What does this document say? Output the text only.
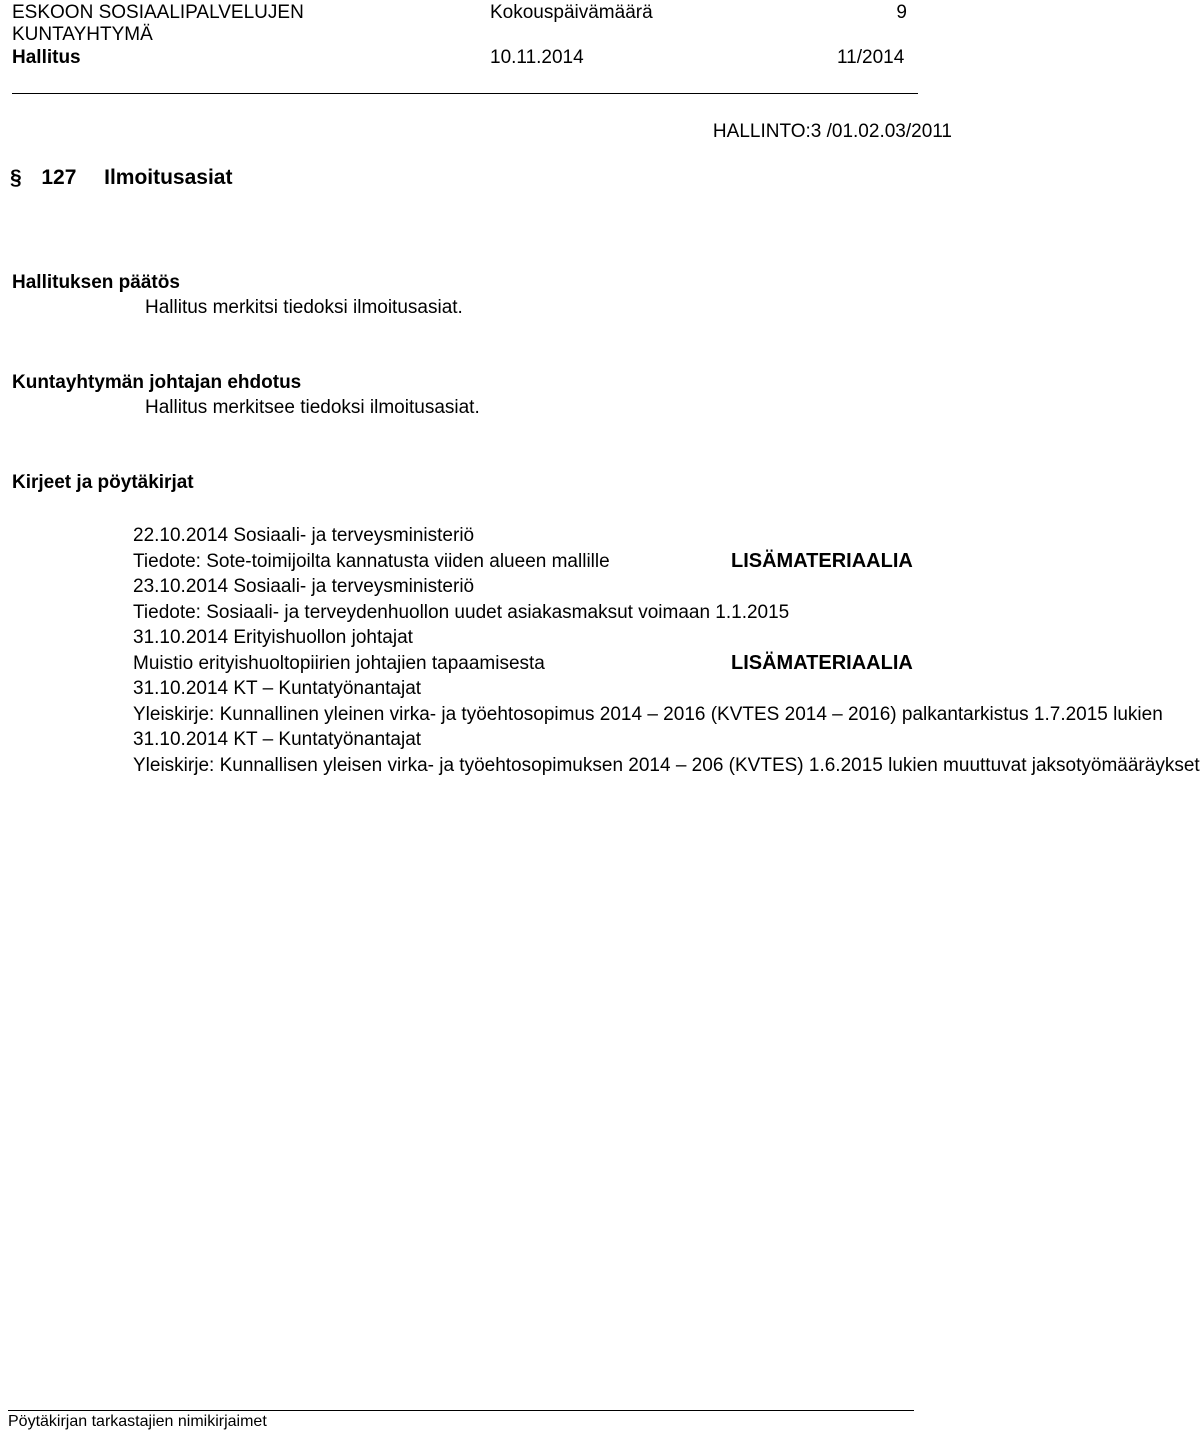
ESKOON SOSIAALIPALVELUJEN
KUNTAYHTYMÄ
Hallitus
Kokouspäivämäärä
10.11.2014
9
11/2014
HALLINTO:3 /01.02.03/2011
§ 127 Ilmoitusasiat
Hallituksen päätös
Hallitus merkitsi tiedoksi ilmoitusasiat.
Kuntayhtymän johtajan ehdotus
Hallitus merkitsee tiedoksi ilmoitusasiat.
Kirjeet ja pöytäkirjat
22.10.2014 Sosiaali- ja terveysministeriö
Tiedote: Sote-toimijoilta kannatusta viiden alueen mallille	LISÄMATERIAALIA
23.10.2014 Sosiaali- ja terveysministeriö
Tiedote: Sosiaali- ja terveydenhuollon uudet asiakasmaksut voimaan 1.1.2015
31.10.2014 Erityishuollon johtajat
Muistio erityishuoltopiirien johtajien tapaamisesta	LISÄMATERIAALIA
31.10.2014 KT – Kuntatyönantajat
Yleiskirje: Kunnallinen yleinen virka- ja työehtosopimus 2014 – 2016 (KVTES 2014 – 2016) palkantarkistus 1.7.2015 lukien
31.10.2014 KT – Kuntatyönantajat
Yleiskirje: Kunnallisen yleisen virka- ja työehtosopimuksen 2014 – 206 (KVTES) 1.6.2015 lukien muuttuvat jaksotyömääräykset
Pöytäkirjan tarkastajien nimikirjaimet
